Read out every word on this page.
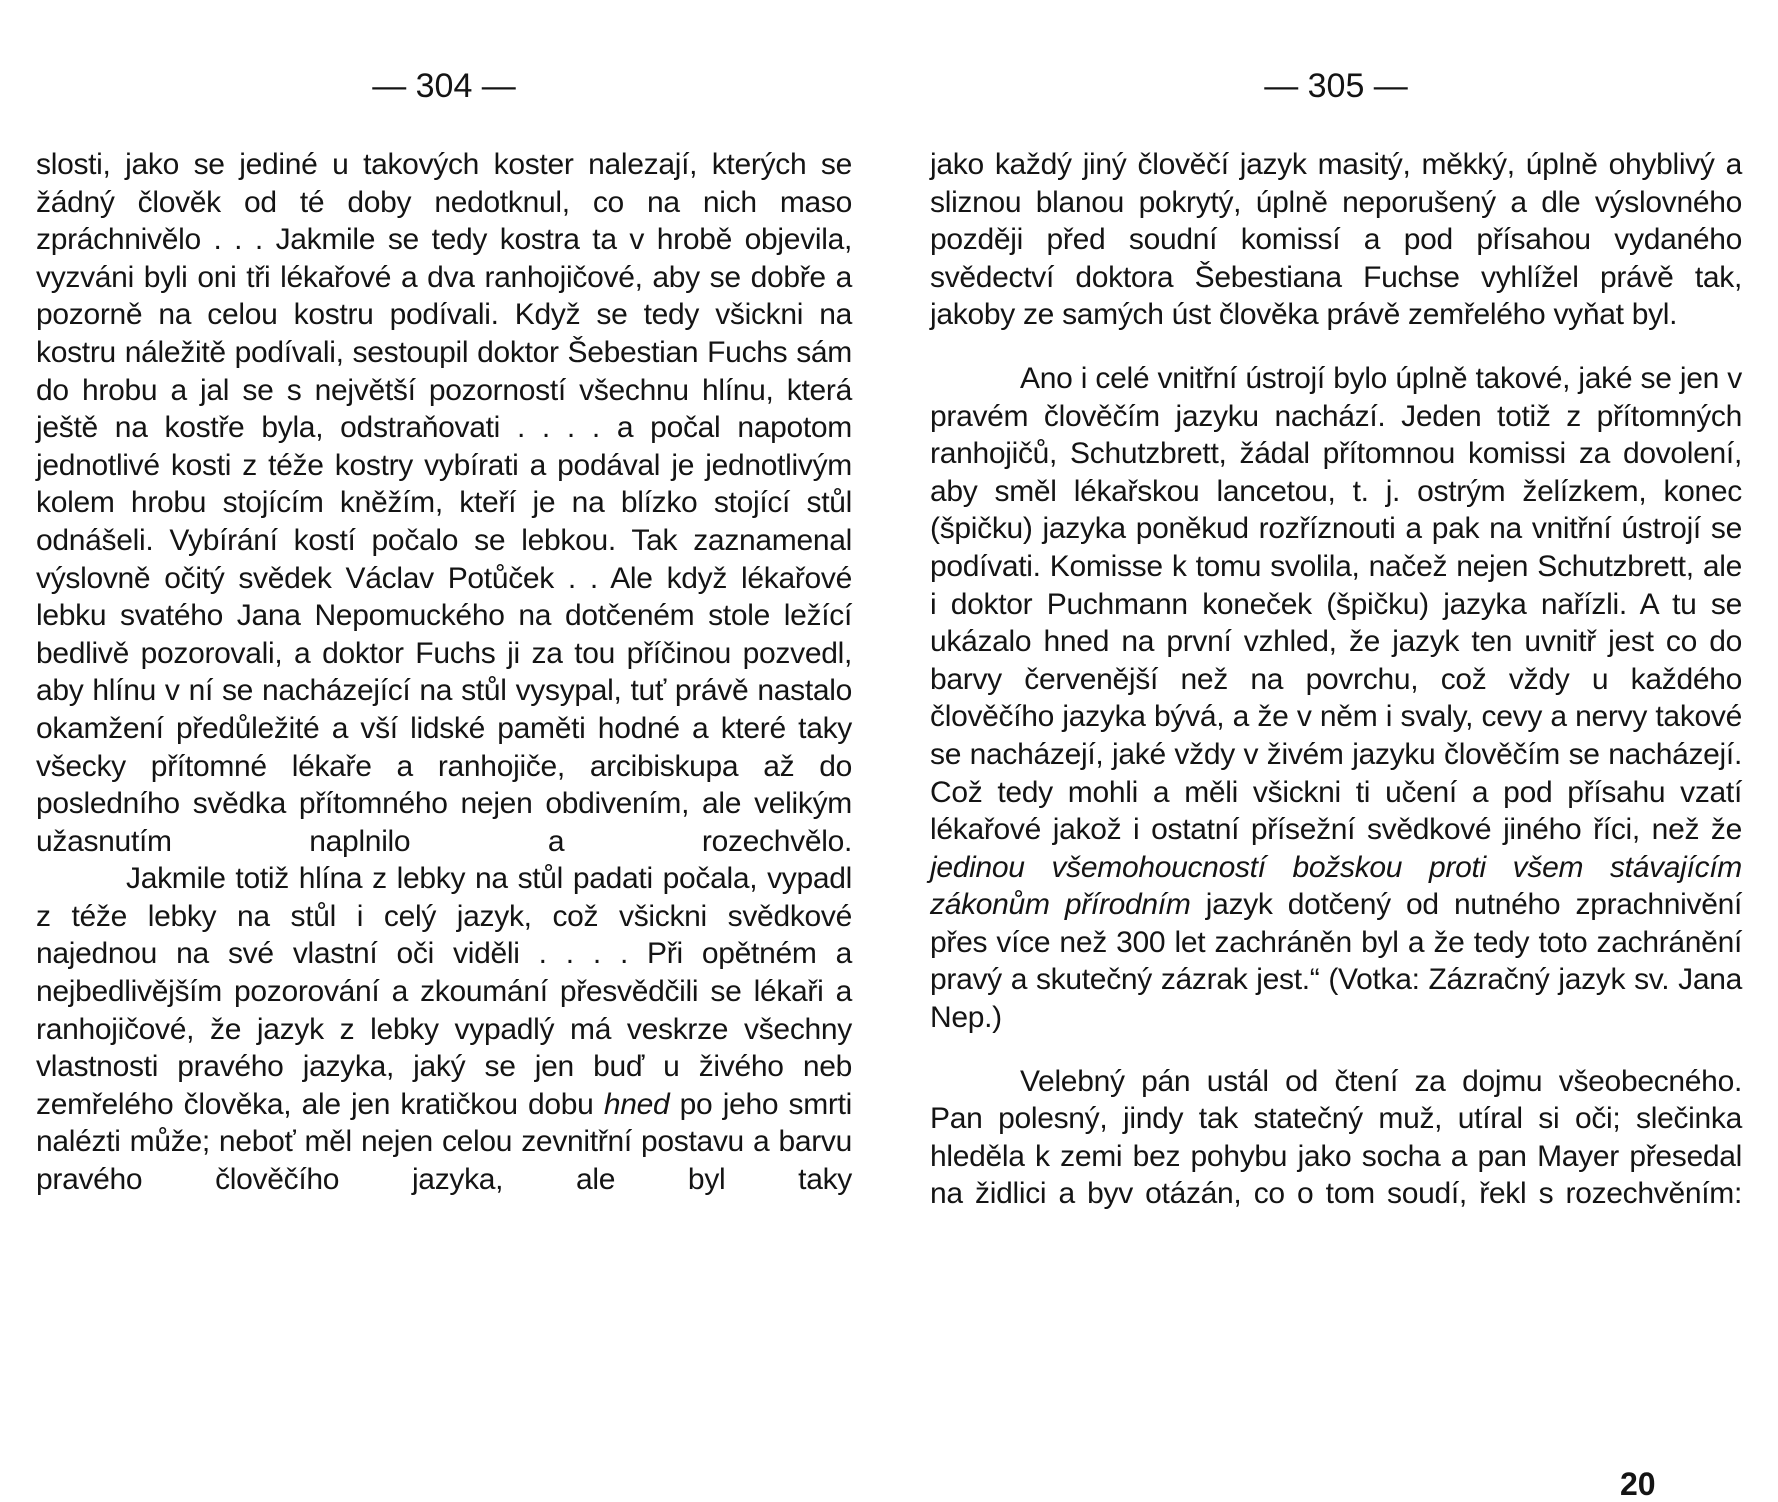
— 304 —

slosti, jako se jediné u takových koster nalezají, kterých se žádný člověk od té doby nedotknul, co na nich maso zpráchnivělo . . . Jakmile se tedy kostra ta v hrobě objevila, vyzváni byli oni tři lékařové a dva ranhojičové, aby se dobře a pozorně na celou kostru podívali. Když se tedy všickni na kostru náležitě podívali, sestoupil doktor Šebestian Fuchs sám do hrobu a jal se s největší pozorností všechnu hlínu, která ještě na kostře byla, odstraňovati . . . . a počal napotom jednotlivé kosti z téže kostry vybírati a podával je jednotlivým kolem hrobu stojícím kněžím, kteří je na blízko stojící stůl odnášeli. Vybírání kostí počalo se lebkou. Tak zaznamenal výslovně očitý svědek Václav Potůček . . Ale když lékařové lebku svatého Jana Nepomuckého na dotčeném stole ležící bedlivě pozorovali, a doktor Fuchs ji za tou příčinou pozvedl, aby hlínu v ní se nacházející na stůl vysypal, tuť právě nastalo okamžení předůležité a vší lidské paměti hodné a které taky všecky přítomné lékaře a ranhojiče, arcibiskupa až do posledního svědka přítomného nejen obdivením, ale velikým užasnutím naplnilo a rozechvělo.

Jakmile totiž hlína z lebky na stůl padati počala, vypadl z téže lebky na stůl i celý jazyk, což všickni svědkové najednou na své vlastní oči viděli . . . . Při opětném a nejbedlivějším pozorování a zkoumání přesvědčili se lékaři a ranhojičové, že jazyk z lebky vypadlý má veskrze všechny vlastnosti pravého jazyka, jaký se jen buď u živého neb zemřelého člověka, ale jen kratičkou dobu hned po jeho smrti nalézti může; neboť měl nejen celou zevnitřní postavu a barvu pravého člověčího jazyka, ale byl taky

— 305 —

jako každý jiný člověčí jazyk masitý, měkký, úplně ohyblivý a sliznou blanou pokrytý, úplně neporušený a dle výslovného později před soudní komissí a pod přísahou vydaného svědectví doktora Šebestiana Fuchse vyhlížel právě tak, jakoby ze samých úst člověka právě zemřelého vyňat byl.

Ano i celé vnitřní ústrojí bylo úplně takové, jaké se jen v pravém člověčím jazyku nachází. Jeden totiž z přítomných ranhojičů, Schutzbrett, žádal přítomnou komissi za dovolení, aby směl lékařskou lancetou, t. j. ostrým želízkem, konec (špičku) jazyka poněkud rozříznouti a pak na vnitřní ústrojí se podívati. Komisse k tomu svolila, načež nejen Schutzbrett, ale i doktor Puchmann koneček (špičku) jazyka nařízli. A tu se ukázalo hned na první vzhled, že jazyk ten uvnitř jest co do barvy červenější než na povrchu, což vždy u každého člověčího jazyka bývá, a že v něm i svaly, cevy a nervy takové se nacházejí, jaké vždy v živém jazyku člověčím se nacházejí. Což tedy mohli a měli všickni ti učení a pod přísahu vzatí lékařové jakož i ostatní přísežní svědkové jiného říci, než že jedinou všemohoucností božskou proti všem stávajícím zákonům přírodním jazyk dotčený od nutného zprachnivění přes více než 300 let zachráněn byl a že tedy toto zachránění pravý a skutečný zázrak jest.“ (Votka: Zázračný jazyk sv. Jana Nep.)

Velebný pán ustál od čtení za dojmu všeobecného. Pan polesný, jindy tak statečný muž, utíral si oči; slečinka hleděla k zemi bez pohybu jako socha a pan Mayer přesedal na židlici a byv otázán, co o tom soudí, řekl s rozechvěním:

20
